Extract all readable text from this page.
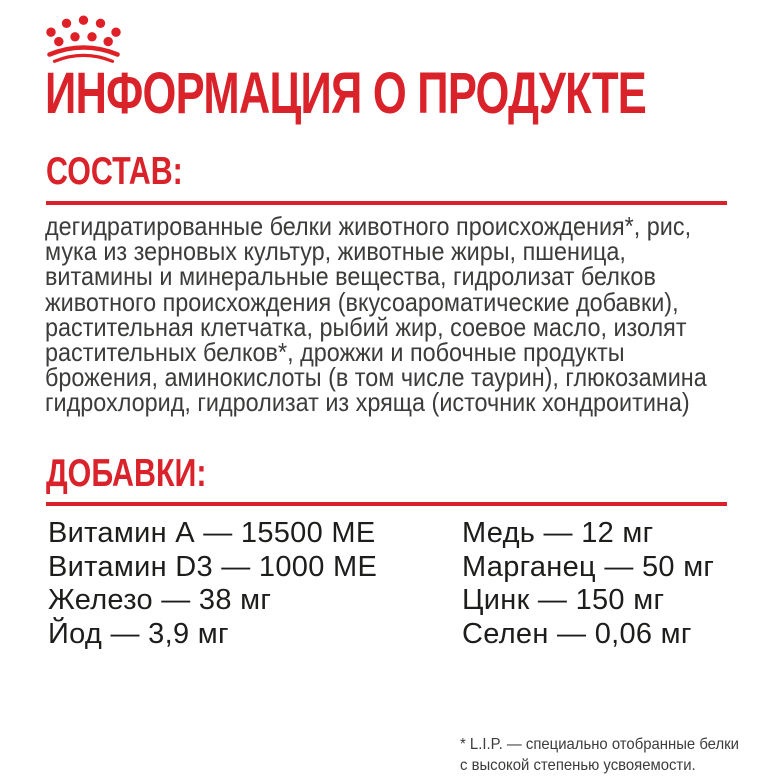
ИНФОРМАЦИЯ О ПРОДУКТЕ
СОСТАВ:
дегидратированные белки животного происхождения*, рис,
мука из зерновых культур, животные жиры, пшеница,
витамины и минеральные вещества, гидролизат белков
животного происхождения (вкусоароматические добавки),
растительная клетчатка, рыбий жир, соевое масло, изолят
растительных белков*, дрожжи и побочные продукты
брожения, аминокислоты (в том числе таурин), глюкозамина
гидрохлорид, гидролизат из хряща (источник хондроитина)
ДОБАВКИ:
Витамин А — 15500 МЕ
Витамин D3 — 1000 МЕ
Железо — 38 мг
Йод — 3,9 мг
Медь — 12 мг
Марганец — 50 мг
Цинк — 150 мг
Селен — 0,06 мг
* L.I.P. — специально отобранные белки
с высокой степенью усвояемости.
